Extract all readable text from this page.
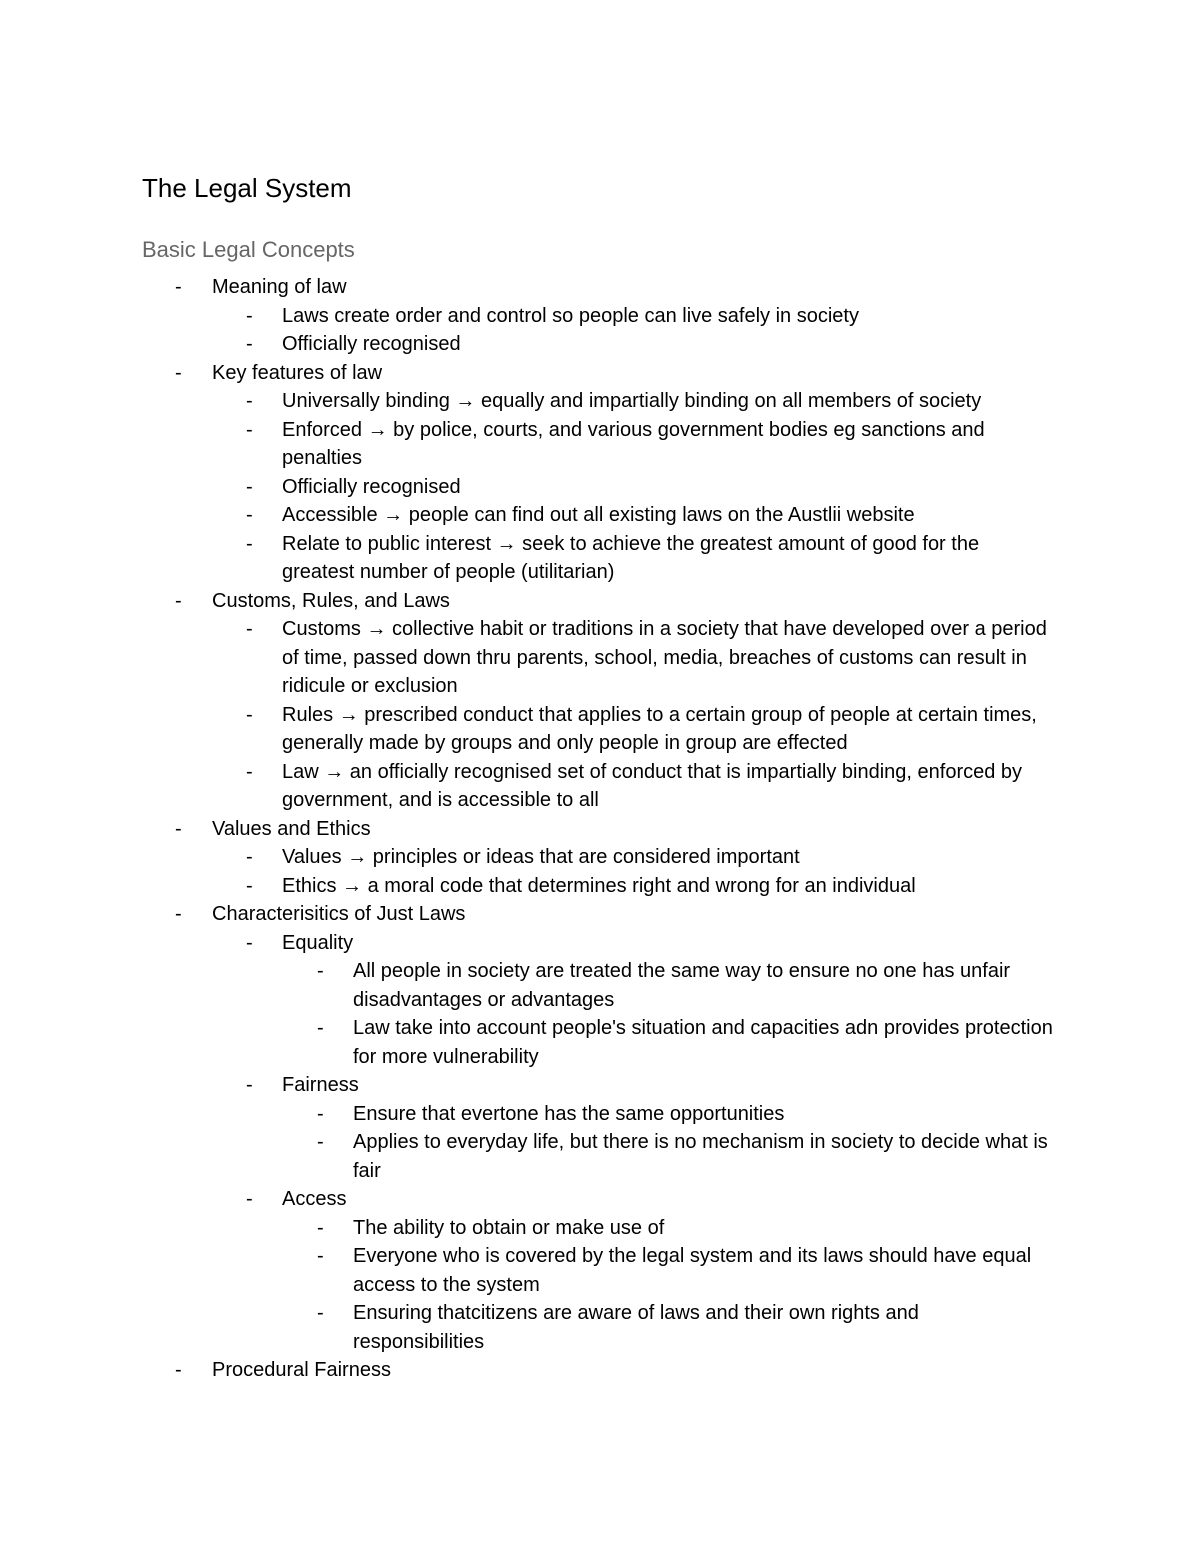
The Legal System
Basic Legal Concepts
- Meaning of law
- Laws create order and control so people can live safely in society
- Officially recognised
- Key features of law
- Universally binding → equally and impartially binding on all members of society
- Enforced → by police, courts, and various government bodies eg sanctions and penalties
- Officially recognised
- Accessible → people can find out all existing laws on the Austlii website
- Relate to public interest → seek to achieve the greatest amount of good for the greatest number of people (utilitarian)
- Customs, Rules, and Laws
- Customs → collective habit or traditions in a society that have developed over a period of time, passed down thru parents, school, media, breaches of customs can result in ridicule or exclusion
- Rules → prescribed conduct that applies to a certain group of people at certain times, generally made by groups and only people in group are effected
- Law → an officially recognised set of conduct that is impartially binding, enforced by government, and is accessible to all
- Values and Ethics
- Values → principles or ideas that are considered important
- Ethics → a moral code that determines right and wrong for an individual
- Characterisitics of Just Laws
- Equality
- All people in society are treated the same way to ensure no one has unfair disadvantages or advantages
- Law take into account people's situation and capacities adn provides protection for more vulnerability
- Fairness
- Ensure that evertone has the same opportunities
- Applies to everyday life, but there is no mechanism in society to decide what is fair
- Access
- The ability to obtain or make use of
- Everyone who is covered by the legal system and its laws should have equal access to the system
- Ensuring thatcitizens are aware of laws and their own rights and responsibilities
- Procedural Fairness
